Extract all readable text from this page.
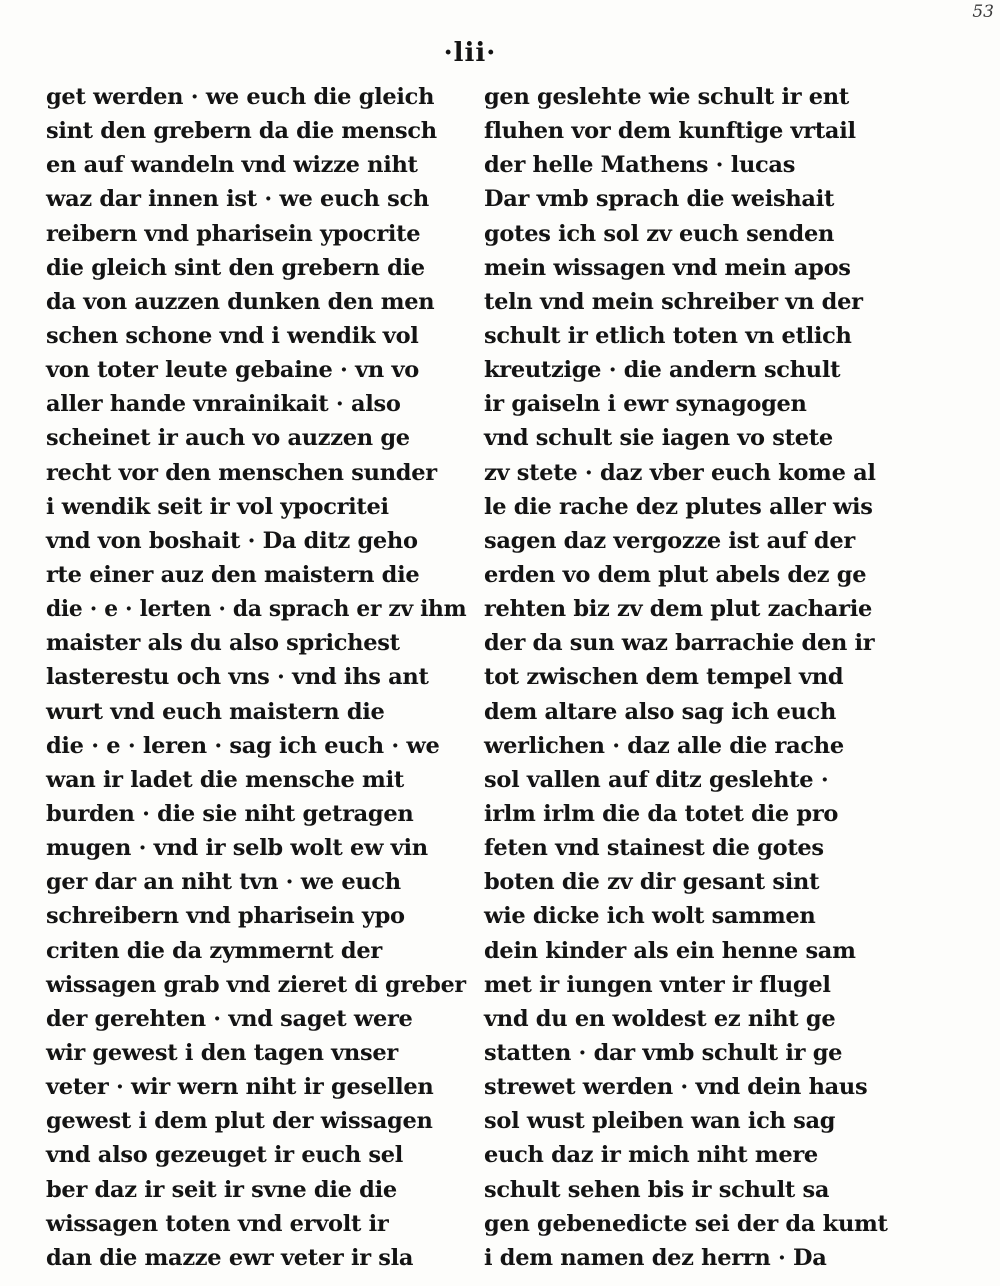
53
·lii·
get werden · we euch die gleich
sint den grebern da die mensch
en auf wandeln vnd wizze niht
waz dar innen ist · we euch sch
reibern vnd pharisein ypocrite
die gleich sint den grebern die
da von auzzen dunken den men
schen schone vnd i wendik vol
von toter leute gebaine · vn vo
aller hande vnrainikait · also
scheinet ir auch vo auzzen ge
recht vor den menschen sunder
i wendik seit ir vol ypocritei
vnd von boshait · Da ditz geho
rte einer auz den maistern die
die · e · lerten · da sprach er zv ihm
maister als du also sprichest
lasterestu och vns · vnd ihs ant
wurt vnd euch maistern die
die · e · leren · sag ich euch · we
wan ir ladet die mensche mit
burden · die sie niht getragen
mugen · vnd ir selb wolt ew vin
ger dar an niht tvn · we euch
schreibern vnd pharisein ypo
criten die da zymmernt der
wissagen grab vnd zieret di greber
der gerehten · vnd saget were
wir gewest i den tagen vnser
veter · wir wern niht ir gesellen
gewest i dem plut der wissagen
vnd also gezeuget ir euch sel
ber daz ir seit ir svne die die
wissagen toten vnd ervolt ir
dan die mazze ewr veter ir sla
gen geslehte wie schult ir ent
fluhen vor dem kunftige vrtail
der helle Mathens · lucas
Dar vmb sprach die weishait
gotes ich sol zv euch senden
mein wissagen vnd mein apos
teln vnd mein schreiber vn der
schult ir etlich toten vn etlich
kreutzige · die andern schult
ir gaiseln i ewr synagogen
vnd schult sie iagen vo stete
zv stete · daz vber euch kome al
le die rache dez plutes aller wis
sagen daz vergozze ist auf der
erden vo dem plut abels dez ge
rehten biz zv dem plut zacharie
der da sun waz barrachie den ir
tot zwischen dem tempel vnd
dem altare also sag ich euch
werlichen · daz alle die rache
sol vallen auf ditz geslehte ·
irlm irlm die da totet die pro
feten vnd stainest die gotes
boten die zv dir gesant sint
wie dicke ich wolt sammen
dein kinder als ein henne sam
met ir iungen vnter ir flugel
vnd du en woldest ez niht ge
statten · dar vmb schult ir ge
strewet werden · vnd dein haus
sol wust pleiben wan ich sag
euch daz ir mich niht mere
schult sehen bis ir schult sa
gen gebenedicte sei der da kumt
i dem namen dez herrn · Da
